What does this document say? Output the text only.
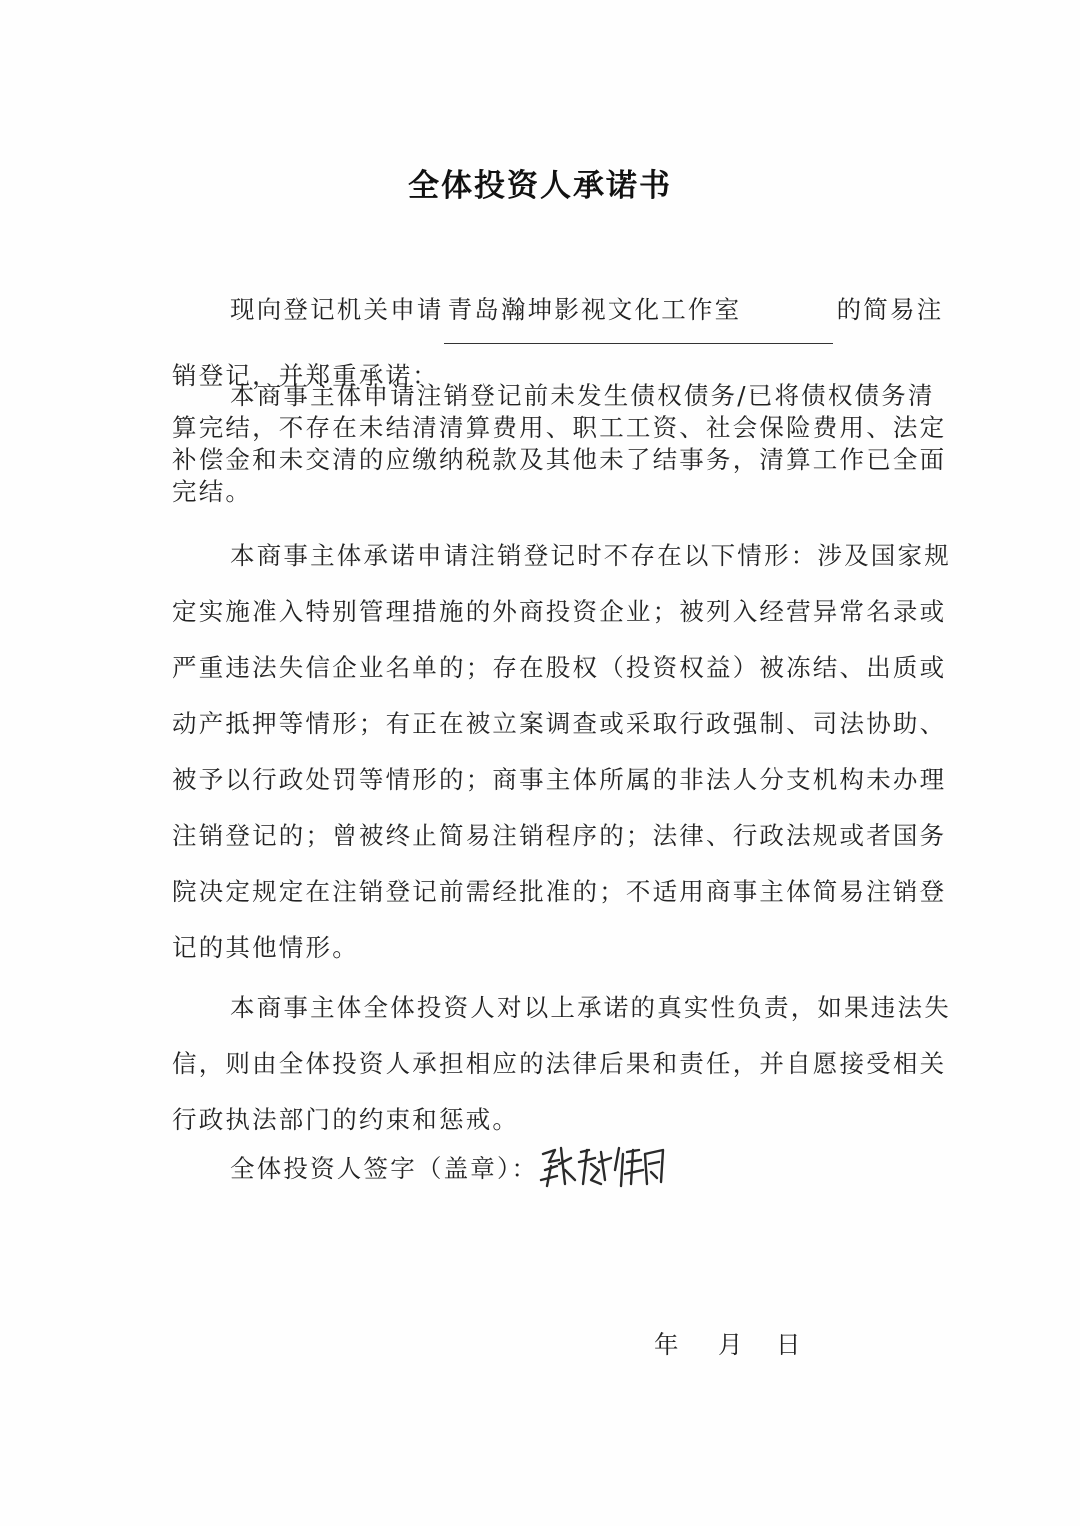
全体投资人承诺书
现向登记机关申请 青岛瀚坤影视文化工作室	的简易注
销登记，并郑重承诺：
本商事主体申请注销登记前未发生债权债务/已将债权债务清
算完结，不存在未结清清算费用、职工工资、社会保险费用、法定
补偿金和未交清的应缴纳税款及其他未了结事务，清算工作已全面
完结。
本商事主体承诺申请注销登记时不存在以下情形：涉及国家规
定实施准入特别管理措施的外商投资企业；被列入经营异常名录或
严重违法失信企业名单的；存在股权（投资权益）被冻结、出质或
动产抵押等情形；有正在被立案调查或采取行政强制、司法协助、
被予以行政处罚等情形的；商事主体所属的非法人分支机构未办理
注销登记的；曾被终止简易注销程序的；法律、行政法规或者国务
院决定规定在注销登记前需经批准的；不适用商事主体简易注销登
记的其他情形。
本商事主体全体投资人对以上承诺的真实性负责，如果违法失
信，则由全体投资人承担相应的法律后果和责任，并自愿接受相关
行政执法部门的约束和惩戒。
全体投资人签字（盖章）：
年 月 日
